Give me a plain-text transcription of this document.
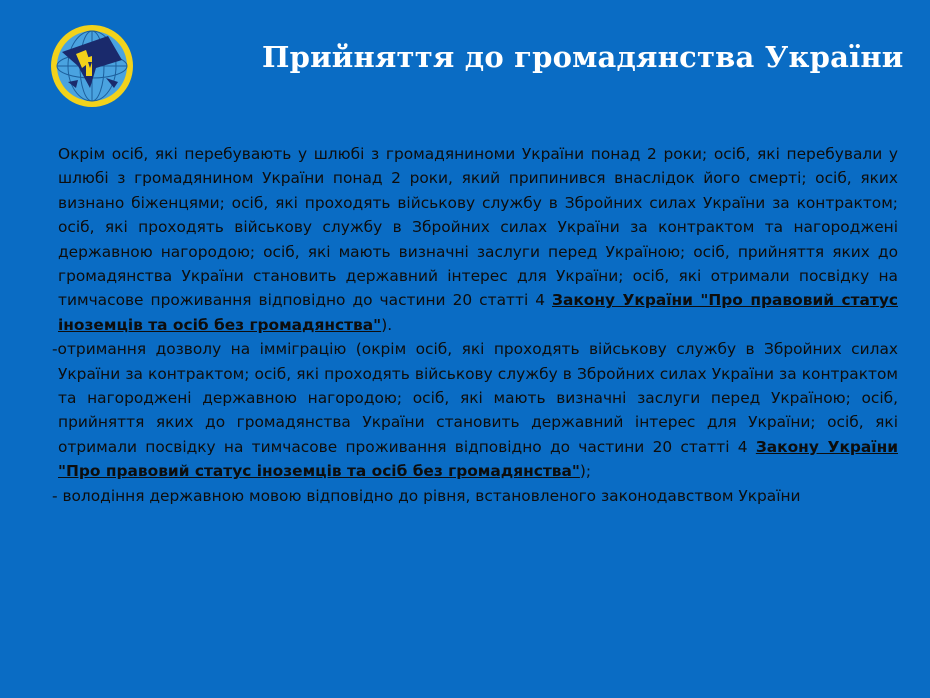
Прийняття до громадянства України

Окрім осіб, які перебувають у шлюбі з громадяниноми України понад 2 роки; осіб, які перебували у шлюбі з громадянином України понад 2 роки, який припинився внаслідок його смерті; осіб, яких визнано біженцями; осіб, які проходять військову службу в Збройних силах України за контрактом; осіб, які проходять військову службу в Збройних силах України за контрактом та нагороджені державною нагородою; осіб, які мають визначні заслуги перед Україною; осіб, прийняття яких до громадянства України становить державний інтерес для України; осіб, які отримали посвідку на тимчасове проживання відповідно до частини 20 статті 4 Закону України "Про правовий статус іноземців та осіб без громадянства").

-отримання дозволу на імміграцію (окрім осіб, які проходять військову службу в Збройних силах України за контрактом; осіб, які проходять військову службу в Збройних силах України за контрактом та нагороджені державною нагородою; осіб, які мають визначні заслуги перед Україною; осіб, прийняття яких до громадянства України становить державний інтерес для України; осіб, які отримали посвідку на тимчасове проживання відповідно до частини 20 статті 4 Закону України "Про правовий статус іноземців та осіб без громадянства");

- володіння державною мовою відповідно до рівня, встановленого законодавством України
